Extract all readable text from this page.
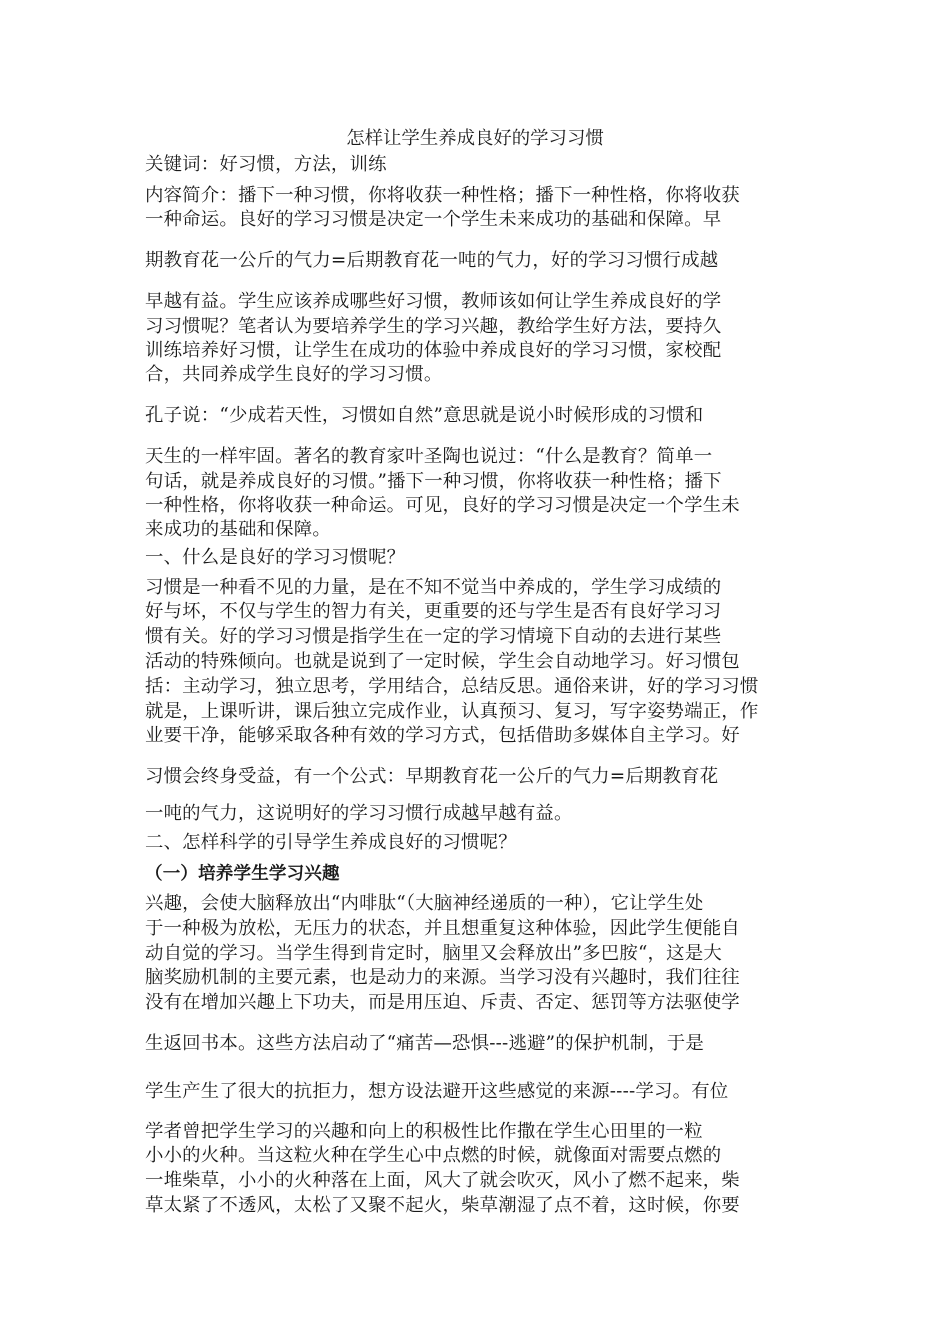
怎样让学生养成良好的学习习惯
关键词：好习惯，方法，训练
内容简介：播下一种习惯，你将收获一种性格；播下一种性格，你将收获
一种命运。良好的学习习惯是决定一个学生未来成功的基础和保障。早
期教育花一公斤的气力=后期教育花一吨的气力，好的学习习惯行成越
早越有益。学生应该养成哪些好习惯，教师该如何让学生养成良好的学
习习惯呢？笔者认为要培养学生的学习兴趣，教给学生好方法，要持久
训练培养好习惯，让学生在成功的体验中养成良好的学习习惯，家校配
合，共同养成学生良好的学习习惯。
孔子说：“少成若天性，习惯如自然”意思就是说小时候形成的习惯和
天生的一样牢固。著名的教育家叶圣陶也说过：“什么是教育？简单一
句话，就是养成良好的习惯。”播下一种习惯，你将收获一种性格；播下
一种性格，你将收获一种命运。可见，良好的学习习惯是决定一个学生未
来成功的基础和保障。
一、什么是良好的学习习惯呢？
习惯是一种看不见的力量，是在不知不觉当中养成的，学生学习成绩的
好与坏，不仅与学生的智力有关，更重要的还与学生是否有良好学习习
惯有关。好的学习习惯是指学生在一定的学习情境下自动的去进行某些
活动的特殊倾向。也就是说到了一定时候，学生会自动地学习。好习惯包
括：主动学习，独立思考，学用结合，总结反思。通俗来讲，好的学习习惯
就是，上课听讲，课后独立完成作业，认真预习、复习，写字姿势端正，作
业要干净，能够采取各种有效的学习方式，包括借助多媒体自主学习。好
习惯会终身受益，有一个公式：早期教育花一公斤的气力=后期教育花
一吨的气力，这说明好的学习习惯行成越早越有益。
二、怎样科学的引导学生养成良好的习惯呢？
（一）培养学生学习兴趣
兴趣，会使大脑释放出“内啡肽“（大脑神经递质的一种），它让学生处
于一种极为放松，无压力的状态，并且想重复这种体验，因此学生便能自
动自觉的学习。当学生得到肯定时，脑里又会释放出”多巴胺“，这是大
脑奖励机制的主要元素，也是动力的来源。当学习没有兴趣时，我们往往
没有在增加兴趣上下功夫，而是用压迫、斥责、否定、惩罚等方法驱使学
生返回书本。这些方法启动了“痛苦—恐惧---逃避”的保护机制，于是
学生产生了很大的抗拒力，想方设法避开这些感觉的来源----学习。有位
学者曾把学生学习的兴趣和向上的积极性比作撒在学生心田里的一粒
小小的火种。当这粒火种在学生心中点燃的时候，就像面对需要点燃的
一堆柴草，小小的火种落在上面，风大了就会吹灭，风小了燃不起来，柴
草太紧了不透风，太松了又聚不起火，柴草潮湿了点不着，这时候，你要
